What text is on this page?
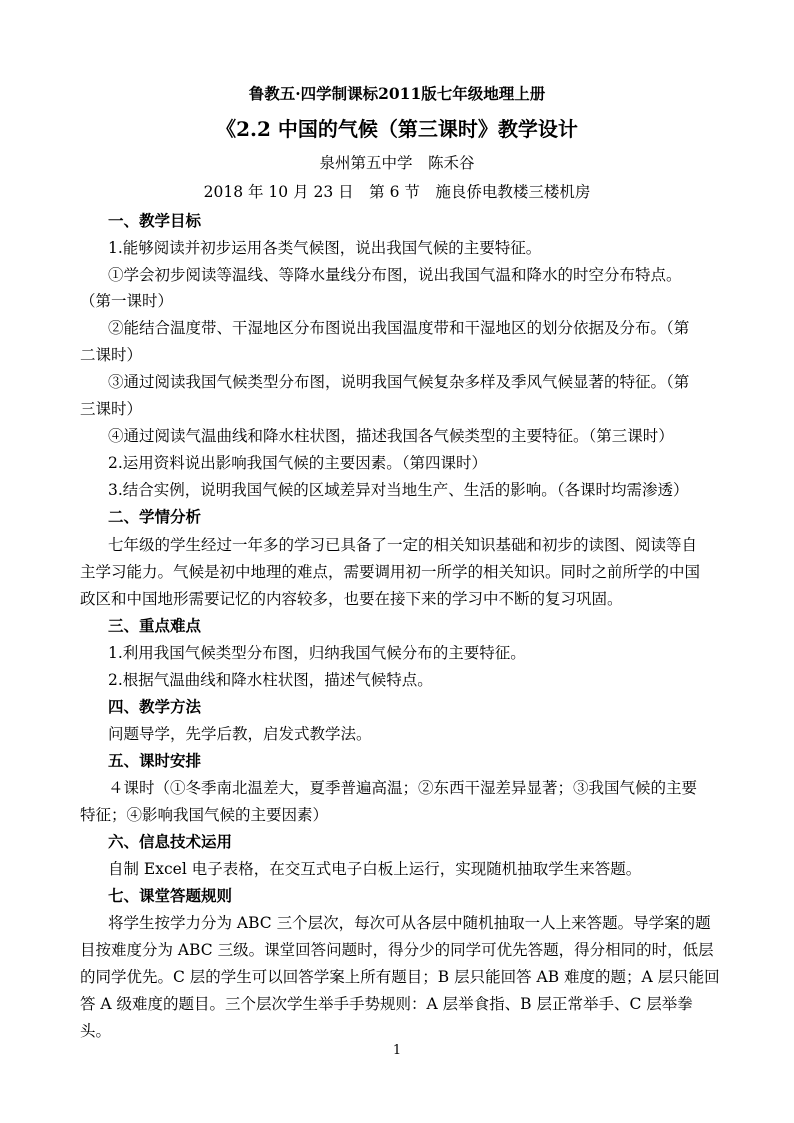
鲁教五·四学制课标2011版七年级地理上册
《2.2 中国的气候（第三课时》教学设计
泉州第五中学　陈禾谷
2018 年 10 月 23 日　第 6 节　施良侨电教楼三楼机房
一、教学目标
1.能够阅读并初步运用各类气候图，说出我国气候的主要特征。
①学会初步阅读等温线、等降水量线分布图，说出我国气温和降水的时空分布特点。
（第一课时）
②能结合温度带、干湿地区分布图说出我国温度带和干湿地区的划分依据及分布。（第
二课时）
③通过阅读我国气候类型分布图，说明我国气候复杂多样及季风气候显著的特征。（第
三课时）
④通过阅读气温曲线和降水柱状图，描述我国各气候类型的主要特征。（第三课时）
2.运用资料说出影响我国气候的主要因素。（第四课时）
3.结合实例，说明我国气候的区域差异对当地生产、生活的影响。（各课时均需渗透）
二、学情分析
七年级的学生经过一年多的学习已具备了一定的相关知识基础和初步的读图、阅读等自
主学习能力。气候是初中地理的难点，需要调用初一所学的相关知识。同时之前所学的中国
政区和中国地形需要记忆的内容较多，也要在接下来的学习中不断的复习巩固。
三、重点难点
1.利用我国气候类型分布图，归纳我国气候分布的主要特征。
2.根据气温曲线和降水柱状图，描述气候特点。
四、教学方法
问题导学，先学后教，启发式教学法。
五、课时安排
４课时（①冬季南北温差大，夏季普遍高温；②东西干湿差异显著；③我国气候的主要
特征；④影响我国气候的主要因素）
六、信息技术运用
自制 Excel 电子表格，在交互式电子白板上运行，实现随机抽取学生来答题。
七、课堂答题规则
将学生按学力分为 ABC 三个层次，每次可从各层中随机抽取一人上来答题。导学案的题
目按难度分为 ABC 三级。课堂回答问题时，得分少的同学可优先答题，得分相同的时，低层
的同学优先。C 层的学生可以回答学案上所有题目；B 层只能回答 AB 难度的题；A 层只能回
答 A 级难度的题目。三个层次学生举手手势规则：A 层举食指、B 层正常举手、C 层举拳
头。
1
